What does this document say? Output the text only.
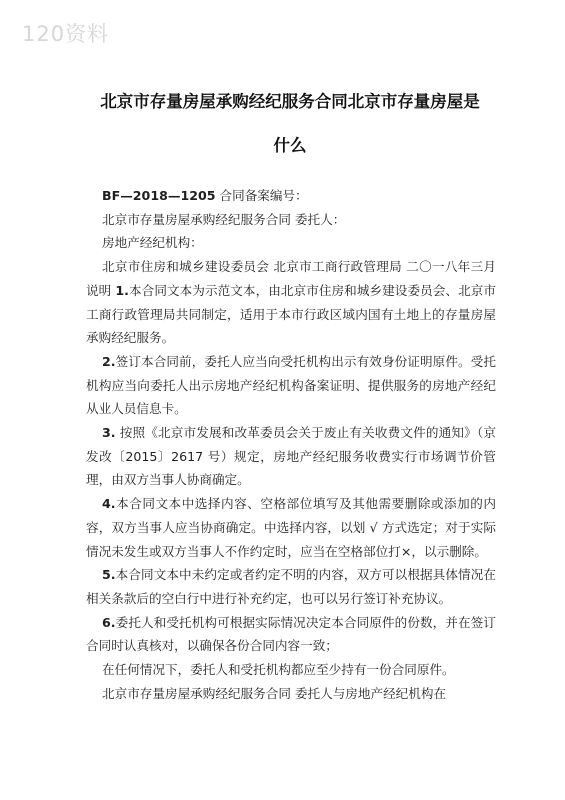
120资料
北京市存量房屋承购经纪服务合同北京市存量房屋是
什么

BF—2018—1205 合同备案编号：

北京市存量房屋承购经纪服务合同 委托人：

房地产经纪机构：

北京市住房和城乡建设委员会 北京市工商行政管理局 二〇一八年三月 说明 1.本合同文本为示范文本，由北京市住房和城乡建设委员会、北京市工商行政管理局共同制定，适用于本市行政区域内国有土地上的存量房屋承购经纪服务。

2.签订本合同前，委托人应当向受托机构出示有效身份证明原件。受托机构应当向委托人出示房地产经纪机构备案证明、提供服务的房地产经纪从业人员信息卡。

3. 按照《北京市发展和改革委员会关于废止有关收费文件的通知》（京发改〔2015〕2617 号）规定，房地产经纪服务收费实行市场调节价管理，由双方当事人协商确定。

4.本合同文本中选择内容、空格部位填写及其他需要删除或添加的内容，双方当事人应当协商确定。中选择内容，以划 √ 方式选定；对于实际情况未发生或双方当事人不作约定时，应当在空格部位打×，以示删除。

5.本合同文本中未约定或者约定不明的内容，双方可以根据具体情况在相关条款后的空白行中进行补充约定，也可以另行签订补充协议。

6.委托人和受托机构可根据实际情况决定本合同原件的份数，并在签订合同时认真核对，以确保各份合同内容一致；

在任何情况下，委托人和受托机构都应至少持有一份合同原件。

北京市存量房屋承购经纪服务合同 委托人与房地产经纪机构在
